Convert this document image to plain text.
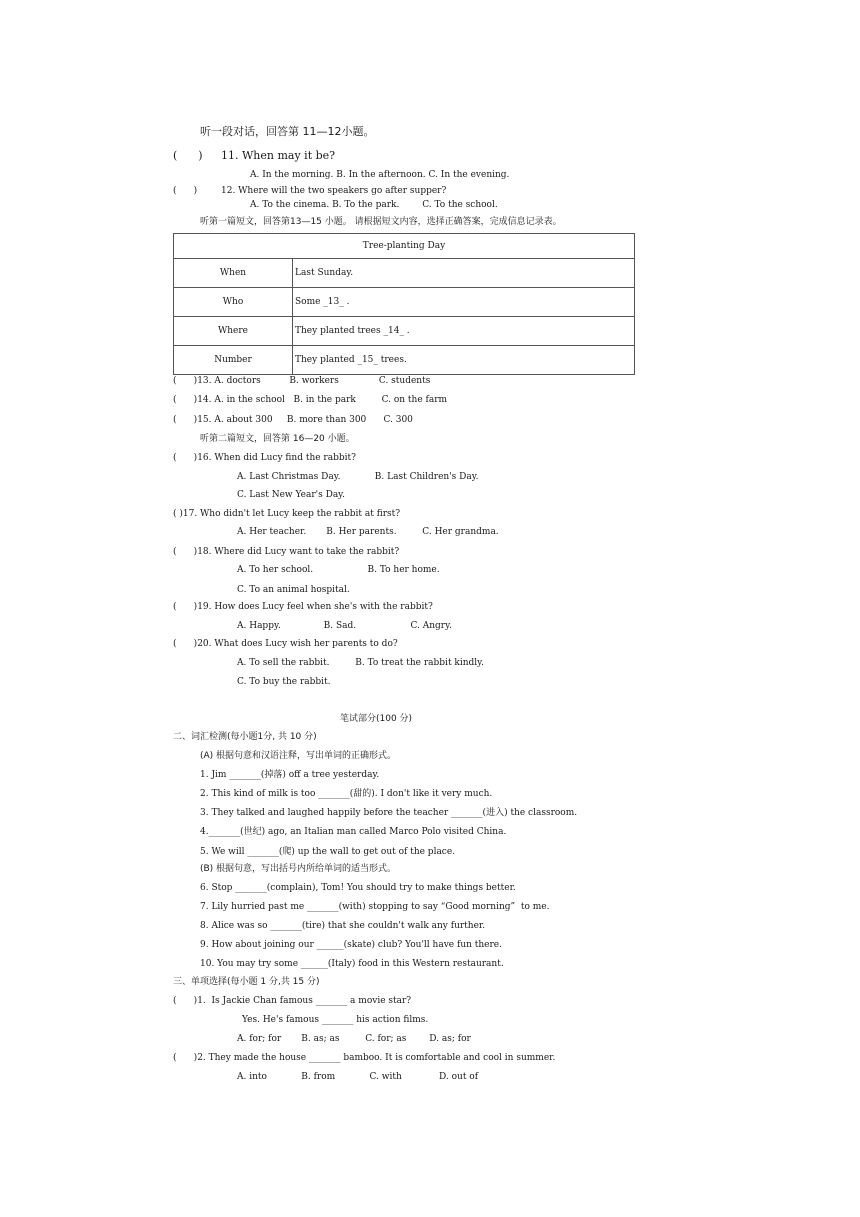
听一段对话，回答第 11—12小题。
(      ) 11. When may it be?
A. In the morning. B. In the afternoon. C. In the evening.
(      )	12. Where will the two speakers go after supper?
A. To the cinema. B. To the park.        C. To the school.
听第一篇短文，回答第13—15 小题。 请根据短文内容，选择正确答案，完成信息记录表。
Tree-planting Day	
When	Last Sunday.
Who	Some _13_ .
Where	They planted trees _14_ .
Number	They planted _15_ trees.
(      )13. A. doctors          B. workers              C. students
(      )14. A. in the school   B. in the park         C. on the farm
(      )15. A. about 300     B. more than 300      C. 300
听第二篇短文，回答第 16—20 小题。
(      )16. When did Lucy find the rabbit?
A. Last Christmas Day.            B. Last Children's Day.
C. Last New Year's Day.
( )17. Who didn't let Lucy keep the rabbit at first?
A. Her teacher.       B. Her parents.         C. Her grandma.
(      )18. Where did Lucy want to take the rabbit?
A. To her school.                   B. To her home.
C. To an animal hospital.
(      )19. How does Lucy feel when she's with the rabbit?
A. Happy.               B. Sad.                   C. Angry.
(      )20. What does Lucy wish her parents to do?
A. To sell the rabbit.         B. To treat the rabbit kindly.
C. To buy the rabbit.
笔试部分(100 分)
二、词汇检测(每小题1分, 共 10 分)
(A) 根据句意和汉语注释，写出单词的正确形式。
1. Jim _______(掉落) off a tree yesterday.
2. This kind of milk is too _______(甜的). I don't like it very much.
3. They talked and laughed happily before the teacher _______(进入) the classroom.
4._______(世纪) ago, an Italian man called Marco Polo visited China.
5. We will _______(爬) up the wall to get out of the place.
(B) 根据句意，写出括号内所给单词的适当形式。
6. Stop _______(complain), Tom! You should try to make things better.
7. Lily hurried past me _______(with) stopping to say “Good morning”  to me.
8. Alice was so _______(tire) that she couldn't walk any further.
9. How about joining our ______(skate) club? You'll have fun there.
10. You may try some ______(Italy) food in this Western restaurant.
三、单项选择(每小题 1 分,共 15 分)
(      )1.  Is Jackie Chan famous _______ a movie star?
Yes. He's famous _______ his action films.
A. for; for       B. as; as         C. for; as        D. as; for
(      )2. They made the house _______ bamboo. It is comfortable and cool in summer.
A. into            B. from            C. with             D. out of
